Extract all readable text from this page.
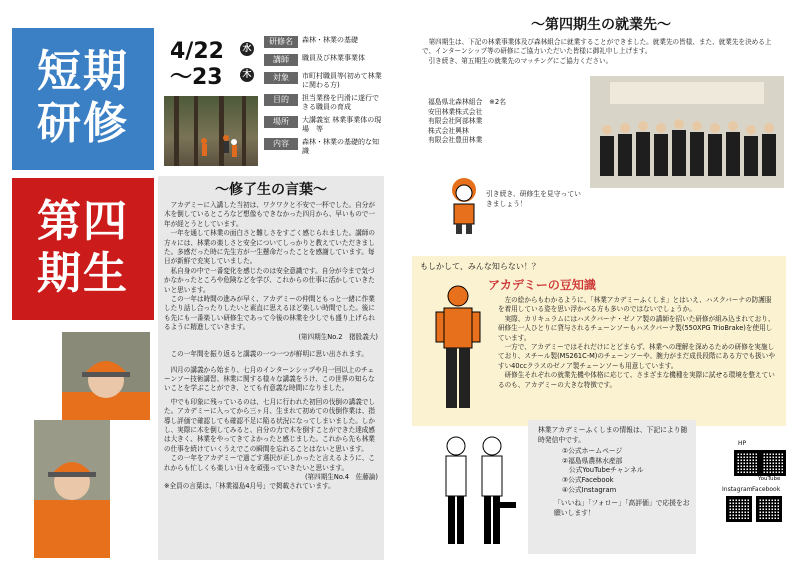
短期
研修
第四
期生
4/22 水
～23 木
研修名	森林・林業の基礎
講師	職員及び林業事業体
対象	市町村職員等(初めて林業に関わる方)
目的	担当業務を円滑に遂行できる職員の育成
場所	大講義室 林業事業体の現場　等
内容	森林・林業の基礎的な知識
～修了生の言葉～
アカデミーに入講した当初は、ワクワクと不安で一杯でした。自分が木を倒しているところなど想像もできなかった四月から、早いもので一年が経とうとしています。
一年を通して林業の面白さと難しさをすごく感じられました。講師の方々には、林業の楽しさと安全についてしっかりと教えていただきました。多感だった時に先生方が一生懸命だったことを感謝しています。毎日が新鮮で充実していました。
私自身の中で一番変化を感じたのは安全意識です。自分が今まで気づかなかったところや危険などを学び、これからの仕事に活かしていきたいと思います。
この一年は時間の進みが早く、アカデミーの仲間ともっと一緒に作業したり話し合ったりしたいと素直に思えるほど楽しい時間でした。後にも先にも一番楽しい研修生であって今後の林業を少しでも盛り上げられるように精進していきます。
(第四期生No.2　猪股義大)
この一年間を振り返ると講義の一つ一つが鮮明に思い出されます。
四月の講義から始まり、七月のインターンシップや月一回以上のチェーンソー技術講習、林業に関する様々な講義をうけ、この世界の知らないことを学ぶことができ、とても有意義な時間になりました。
中でも印象に残っているのは、七月に行われた初回の伐倒の講義でした。アカデミーに入ってから三ヶ月、生まれて初めての伐倒作業は、指導し評価で確認しても確認不足に陥る状況になってしまいました。しかし、実際に木を倒してみると、自分の力で木を倒すことができた達成感は大きく、林業をやってきてよかったと感じました。これから先も林業の仕事を続けていくうえでこの瞬間を忘れることはないと思います。
この一年をアカデミーで過ごす選択が正しかったと言えるように、これからも忙しくも楽しい日々を頑張っていきたいと思います。
(第四期生No.4　佐藤論)
※全員の言葉は、「林業福島4月号」で掲載されています。
～第四期生の就業先～
第四期生は、下記の林業事業体及び森林組合に就業することができました。就業先の皆様、また、就業先を決める上で、インターンシップ等の研修にご協力いただいた皆様に御礼申し上げます。
引き続き、第五期生の就業先のマッチングにご協力ください。
福島県北森林組合　※2名
安田林業株式会社
有限会社阿部林業
株式会社興林
有限会社豊田林業
引き続き、研修生を見守っていきましょう！
もしかして、みんな知らない！？
アカデミーの豆知識
左の絵からもわかるように、「林業アカデミーふくしま」とはいえ、ハスクバーナの防護服を着用している姿を思い浮かべる方も多いのではないでしょうか。
実際、カリキュラムにはハスクバーナ・ゼノア製の講師を招いた研修が組み込まれており、研修生一人ひとりに貸与されるチェーンソーもハスクバーナ製(550XPG TrioBrake)を使用しています。
一方で、アカデミーではそれだけにとどまらず、林業への理解を深めるための研修を実施しており、スチール製(MS261C-M)のチェーンソーや、腕力がまだ成長段階にある方でも扱いやすい40ccクラスのゼノア製チェーンソーも用意しています。
研修生それぞれの就業先機や体格に応じて、さまざまな機種を実際に試せる環境を整えているのも、アカデミーの大きな特徴です。
林業アカデミーふくしまの情報は、下記により随時発信中です。
①公式ホームページ
②福島県農林水産部
　公式YouTubeチャンネル
③公式Facebook
④公式Instagram
「いいね」「フォロー」「高評価」で応援をお願いします！
HP
YouTube
Instagram Facebook
